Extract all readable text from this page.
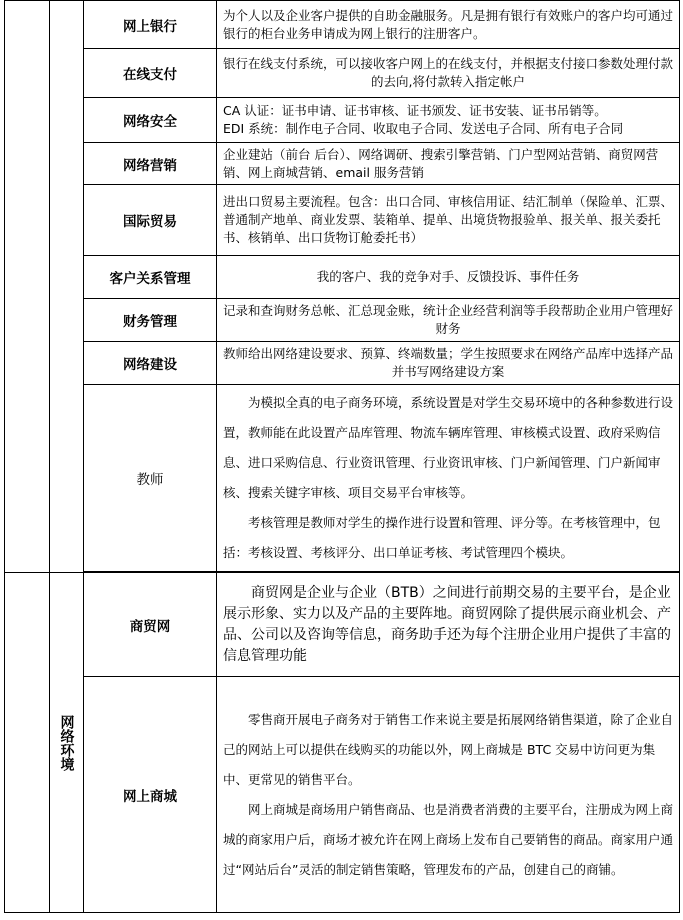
		网上银行	为个人以及企业客户提供的自助金融服务。凡是拥有银行有效账户的客户均可通过银行的柜台业务申请成为网上银行的注册客户。
		在线支付	银行在线支付系统，可以接收客户网上的在线支付，并根据支付接口参数处理付款的去向,将付款转入指定帐户
		网络安全	CA 认证：证书申请、证书审核、证书颁发、证书安装、证书吊销等。

EDI 系统：制作电子合同、收取电子合同、发送电子合同、所有电子合同

		网络营销	企业建站（前台 后台）、网络调研、搜索引擎营销、门户型网站营销、商贸网营销、网上商城营销、email 服务营销
		国际贸易	进出口贸易主要流程。包含：出口合同、审核信用证、结汇制单（保险单、汇票、普通制产地单、商业发票、装箱单、提单、出境货物报验单、报关单、报关委托书、核销单、出口货物订舱委托书）
		客户关系管理	我的客户、我的竞争对手、反馈投诉、事件任务
		财务管理	记录和查询财务总帐、汇总现金账，统计企业经营利润等手段帮助企业用户管理好财务
		网络建设	教师给出网络建设要求、预算、终端数量；学生按照要求在网络产品库中选择产品并书写网络建设方案
		教师	为模拟全真的电子商务环境，系统设置是对学生交易环境中的各种参数进行设置，教师能在此设置产品库管理、物流车辆库管理、审核模式设置、政府采购信息、进口采购信息、行业资讯管理、行业资讯审核、门户新闻管理、门户新闻审核、搜索关键字审核、项目交易平台审核等。

考核管理是教师对学生的操作进行设置和管理、评分等。在考核管理中，包括：考核设置、考核评分、出口单证考核、考试管理四个模块。

	网络环境	商贸网	商贸网是企业与企业（BTB）之间进行前期交易的主要平台，是企业展示形象、实力以及产品的主要阵地。商贸网除了提供展示商业机会、产品、公司以及咨询等信息，商务助手还为每个注册企业用户提供了丰富的信息管理功能

		网上商城	零售商开展电子商务对于销售工作来说主要是拓展网络销售渠道，除了企业自己的网站上可以提供在线购买的功能以外，网上商城是 BTC 交易中访问更为集中、更常见的销售平台。

网上商城是商场用户销售商品、也是消费者消费的主要平台，注册成为网上商城的商家用户后，商场才被允许在网上商场上发布自己要销售的商品。商家用户通过“网站后台”灵活的制定销售策略，管理发布的产品，创建自己的商铺。
